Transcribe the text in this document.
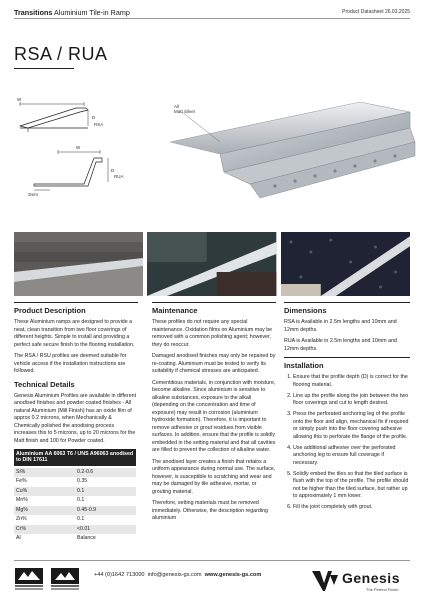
Transitions Aluminium Tile-in Ramp	Product Datasheet 26.03.2025
RSA / RUA
W
D
RSA
W
D
RUA
3mm
All
Matt Silver
Product Description

These Aluminium ramps are designed to provide a neat, clean transition from two floor coverings of different heights. Simple to install and providing a perfect safe secure finish to the flooring installation.

The RSA / RSU profiles are deemed suitable for vehicle access if the installation instructions are followed.

Technical Details

Genesis Aluminium Profiles are available in different anodised finishes and powder coated finishes - All natural Aluminium (Mill Finish) has an oxide film of approx 0.2 microns, when Mechanically & Chemically polished the anodising process increases this to 5 microns, up to 20 microns for the Matt finish and 100 for Powder coated.

Aluminium AA 6063 T6 / UNS A96063 anodised to DIN 17611
Si%	0.2-0.6
Fe%	0.35
Cu%	0.1
Mn%	0.1
Mg%	0.45-0.9
Zn%	0.1
Cr%	<0.01
Al	Balance
Maintenance

These profiles do not require any special maintenance. Oxidation films on Aluminium may be removed with a common polishing agent; however, they do reoccur.

Damaged anodised finishes may only be repaired by re-coating. Aluminium must be tested to verify its suitability if chemical stresses are anticipated.

Cementitious materials, in conjunction with moisture, become alkaline. Since aluminium is sensitive to alkaline substances, exposure to the alkali (depending on the concentration and time of exposure) may result in corrosion (aluminium hydroxide formation). Therefore, it is important to remove adhesive or grout residues from visible surfaces. In addition, ensure that the profile is solidly embedded in the setting material and that all cavities are filled to prevent the collection of alkaline water.

The anodised layer creates a finish that retains a uniform appearance during normal use. The surface, however, is susceptible to scratching and wear and may be damaged by tile adhesive, mortar, or grouting material.

Therefore, setting materials must be removed immediately. Otherwise, the description regarding aluminium

Dimensions

RSA is Available in 2.5m lengths and 10mm and 12mm depths.

RUA is Available in 2.5m lengths and 10mm and 12mm depths.

Installation
1. Ensure that the profile depth (D) is correct for the flooring material.
2. Line up the profile along the join between the two floor coverings and cut to length desired.
3. Press the perforated anchoring leg of the profile onto the floor and align, mechanical fix if required or simply push into the floor covering adhesive allowing this to perforate the flange of the profile.
4. Use additional adhesive over the perforated anchoring leg to ensure full coverage if necessary.
5. Solidly embed the tiles so that the tiled surface is flush with the top of the profile. The profile should not be higher than the tiled surface, but rather up to approximately 1 mm lower.
6. Fill the joint completely with grout.
+44 (0)1642 713000 info@genesis-gs.com www.genesis-gs.com	Genesis
The Perfect Finish
